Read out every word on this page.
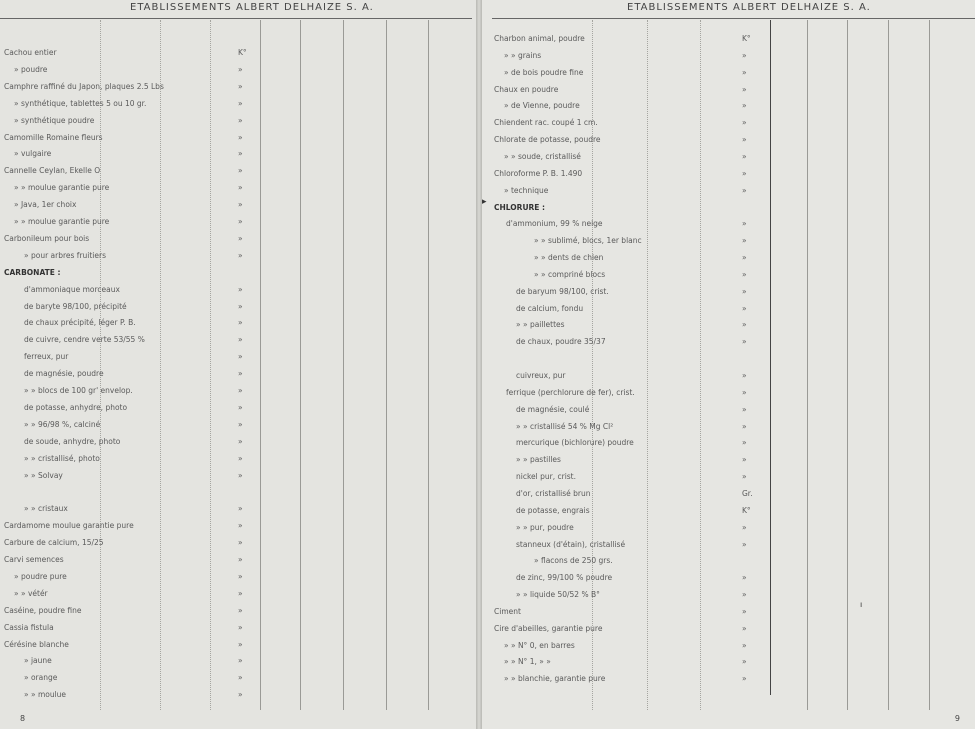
ETABLISSEMENTS ALBERT DELHAIZE S. A.
Cachou entier	K°
» poudre	»
Camphre raffiné du Japon, plaques 2.5 Lbs	»
» synthétique, tablettes 5 ou 10 gr.	»
» synthétique poudre	»
Camomille Romaine fleurs	»
» vulgaire	»
Cannelle Ceylan, Ekelle O	»
» » moulue garantie pure	»
» Java, 1er choix	»
» » moulue garantie pure	»
Carbonileum pour bois	»
» pour arbres fruitiers	»
CARBONATE :
d'ammoniaque morceaux	»
de baryte 98/100, précipité	»
de chaux précipité, léger P. B.	»
de cuivre, cendre verte 53/55 %	»
ferreux, pur	»
de magnésie, poudre	»
» » blocs de 100 gr' envelop.	»
de potasse, anhydre, photo	»
» » 96/98 %, calciné	»
de soude, anhydre, photo	»
» » cristallisé, photo	»
» » Solvay	»
» » cristaux	»
Cardamome moulue garantie pure	»
Carbure de calcium, 15/25	»
Carvi semences	»
» poudre pure	»
» » vétér	»
Caséine, poudre fine	»
Cassia fistula	»
Cérésine blanche	»
» jaune	»
» orange	»
» » moulue	»
8
ETABLISSEMENTS ALBERT DELHAIZE S. A.
▸
ı
Charbon animal, poudre	K°
» » grains	»
» de bois poudre fine	»
Chaux en poudre	»
» de Vienne, poudre	»
Chiendent rac. coupé 1 cm.	»
Chlorate de potasse, poudre	»
» » soude, cristallisé	»
Chloroforme P. B. 1.490	»
» technique	»
CHLORURE :
d'ammonium, 99 % neige	»
» » sublimé, blocs, 1er blanc	»
» » dents de chien	»
» » compriné blocs	»
de baryum 98/100, crist.	»
de calcium, fondu	»
» » paillettes	»
de chaux, poudre 35/37	»
cuivreux, pur	»
ferrique (perchlorure de fer), crist.	»
de magnésie, coulé	»
» » cristallisé 54 % Mg Cl²	»
mercurique (bichlorure) poudre	»
» » pastilles	»
nickel pur, crist.	»
d'or, cristallisé brun	Gr.
de potasse, engrais	K°
» » pur, poudre	»
stanneux (d'étain), cristallisé	»
» flacons de 250 grs.
de zinc, 99/100 % poudre	»
» » liquide 50/52 % B°	»
Ciment	»
Cire d'abeilles, garantie pure	»
» » N° 0, en barres	»
» » N° 1, » »	»
» » blanchie, garantie pure	»
9
